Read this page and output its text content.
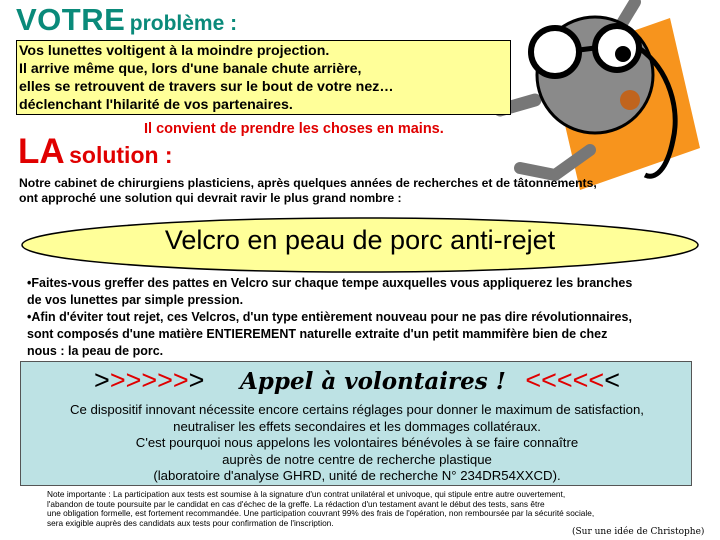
VOTRE problème :
Vos lunettes voltigent à la moindre projection.
Il arrive même que, lors d'une banale chute arrière,
elles se retrouvent de travers sur le bout de votre nez…
déclenchant l'hilarité de vos partenaires.
Il convient de prendre les choses en mains.
LA solution :
Notre cabinet de chirurgiens plasticiens, après quelques années de recherches et de tâtonnements,
ont approché une solution qui devrait ravir le plus grand nombre :
Velcro en peau de porc anti-rejet
•Faites-vous greffer des pattes en Velcro sur chaque tempe auxquelles vous appliquerez les branches
de vos lunettes par simple pression.
•Afin d'éviter tout rejet, ces Velcros, d'un type entièrement nouveau pour ne pas dire révolutionnaires,
sont composés d'une matière ENTIEREMENT naturelle extraite d'un petit mammifère bien de chez
nous : la peau de porc.
>>>>>>> Appel à volontaires ! <<<<<<
Ce dispositif innovant nécessite encore certains réglages pour donner le maximum de satisfaction,
neutraliser les effets secondaires et les dommages collatéraux.
C'est pourquoi nous appelons les volontaires bénévoles à se faire connaître
auprès de notre centre de recherche plastique
(laboratoire d'analyse GHRD, unité de recherche N° 234DR54XXCD).
Note importante : La participation aux tests est soumise à la signature d'un contrat unilatéral et univoque, qui stipule entre autre ouvertement,
l'abandon de toute poursuite par le candidat en cas d'échec de la greffe. La rédaction d'un testament avant le début des tests, sans être
une obligation formelle, est fortement recommandée. Une participation couvrant 99% des frais de l'opération, non remboursée par la sécurité sociale,
sera exigible auprès des candidats aux tests pour confirmation de l'inscription.
(Sur une idée de Christophe)
